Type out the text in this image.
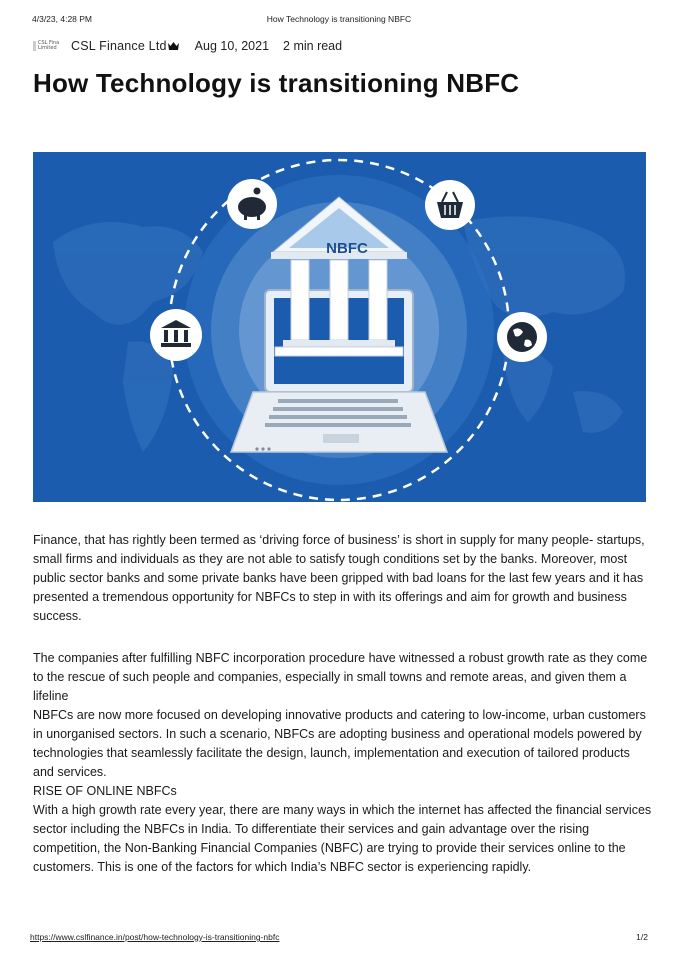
4/3/23, 4:28 PM	How Technology is transitioning NBFC
CSL Fina
Limited CSL Finance Ltd Aug 10, 2021 2 min read
How Technology is transitioning NBFC
NBFC

Finance, that has rightly been termed as ‘driving force of business’ is short in supply for many people- startups, small firms and individuals as they are not able to satisfy tough conditions set by the banks. Moreover, most public sector banks and some private banks have been gripped with bad loans for the last few years and it has presented a tremendous opportunity for NBFCs to step in with its offerings and aim for growth and business success.

The companies after fulfilling NBFC incorporation procedure have witnessed a robust growth rate as they come to the rescue of such people and companies, especially in small towns and remote areas, and given them a lifeline

NBFCs are now more focused on developing innovative products and catering to low-income, urban customers in unorganised sectors. In such a scenario, NBFCs are adopting business and operational models powered by technologies that seamlessly facilitate the design, launch, implementation and execution of tailored products and services.

RISE OF ONLINE NBFCs

With a high growth rate every year, there are many ways in which the internet has affected the financial services sector including the NBFCs in India. To differentiate their services and gain advantage over the rising competition, the Non-Banking Financial Companies (NBFC) are trying to provide their services online to the customers. This is one of the factors for which India’s NBFC sector is experiencing rapidly.

https://www.cslfinance.in/post/how-technology-is-transitioning-nbfc	1/2
